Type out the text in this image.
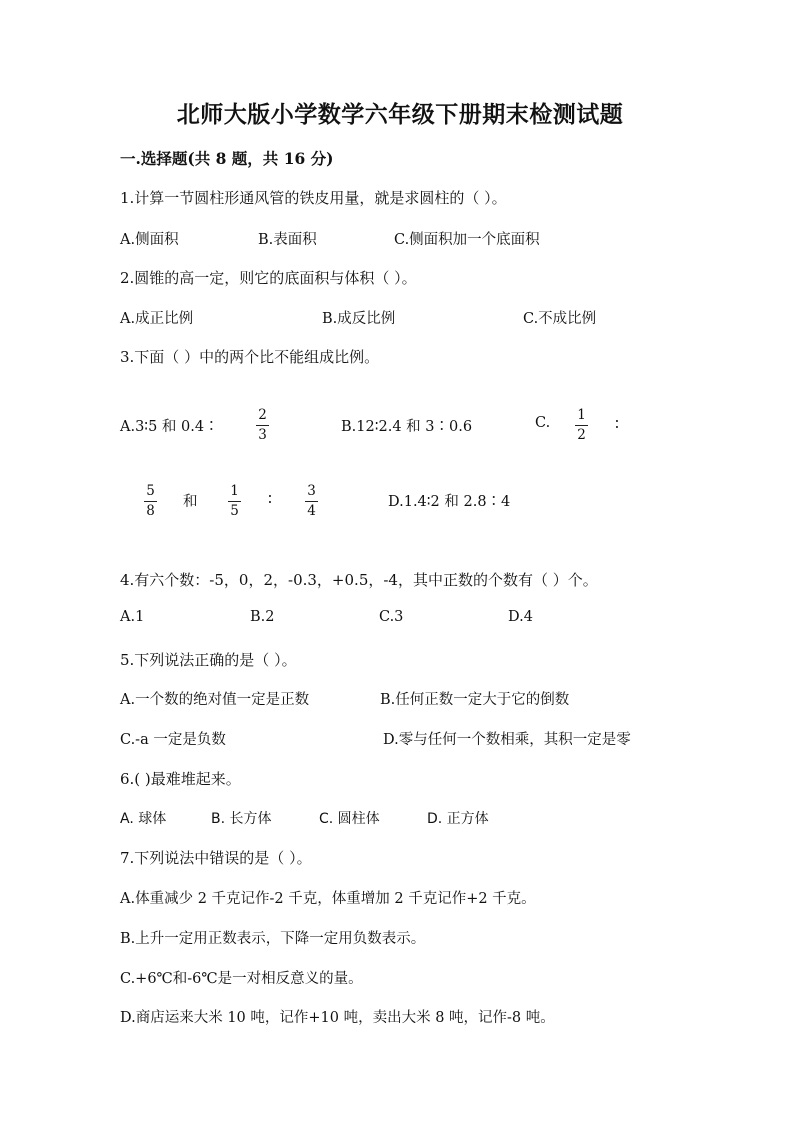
北师大版小学数学六年级下册期末检测试题
一.选择题(共 8 题，共 16 分)
1.计算一节圆柱形通风管的铁皮用量，就是求圆柱的（ ）。
A.侧面积	B.表面积	C.侧面积加一个底面积
2.圆锥的高一定，则它的底面积与体积（ ）。
A.成正比例	B.成反比例	C.不成比例
3.下面（ ）中的两个比不能组成比例。
A.3∶5 和 0.4∶
2
3	B.12∶2.4 和 3∶0.6	C. 1
2
∶
5
8
和
1
5
∶	3
4
D.1.4∶2 和 2.8∶4
4.有六个数：-5，0，2，-0.3，+0.5，-4，其中正数的个数有（ ）个。
A.1	B.2	C.3	D.4
5.下列说法正确的是（ ）。
A.一个数的绝对值一定是正数	B.任何正数一定大于它的倒数
C.-a 一定是负数	D.零与任何一个数相乘，其积一定是零
6.( )最难堆起来。
A. 球体	B. 长方体	C. 圆柱体	D. 正方体
7.下列说法中错误的是（ ）。
A.体重减少 2 千克记作-2 千克，体重增加 2 千克记作+2 千克。
B.上升一定用正数表示，下降一定用负数表示。
C.+6℃和-6℃是一对相反意义的量。
D.商店运来大米 10 吨，记作+10 吨，卖出大米 8 吨，记作-8 吨。
